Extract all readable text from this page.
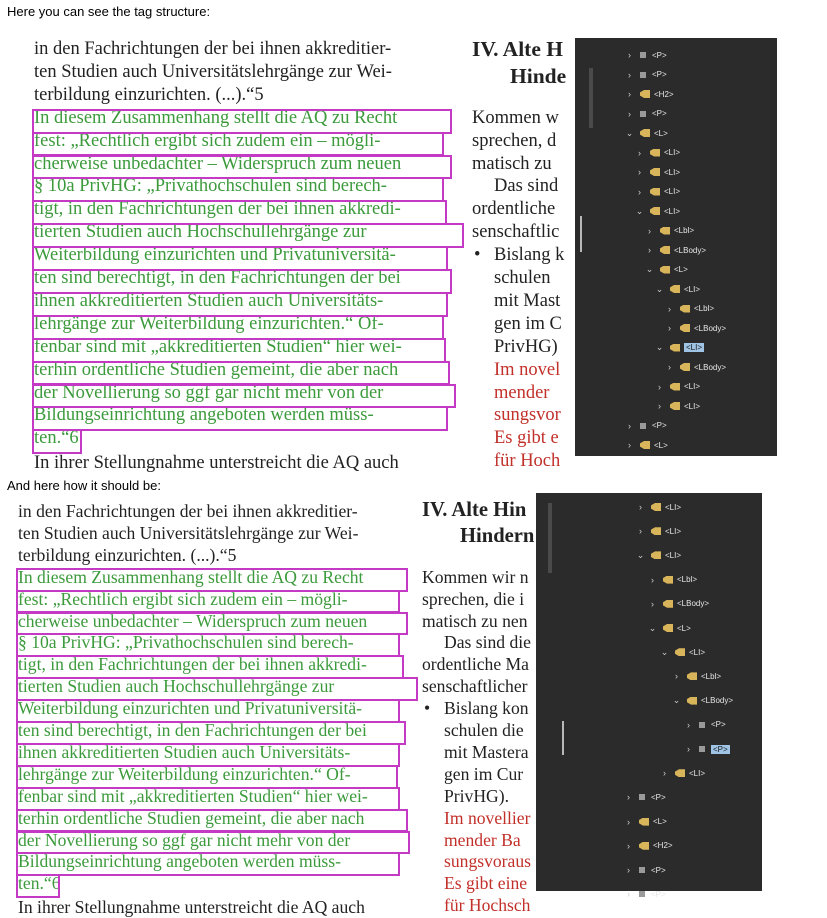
Here you can see the tag structure:
And here how it should be:
in den Fachrichtungen der bei ihnen akkreditier-
ten Studien auch Universitätslehrgänge zur Wei-
terbildung einzurichten. (...).“5
In diesem Zusammenhang stellt die AQ zu Recht
fest: „Rechtlich ergibt sich zudem ein – mögli-
cherweise unbedachter – Widerspruch zum neuen
§ 10a PrivHG: „Privathochschulen sind berech-
tigt, in den Fachrichtungen der bei ihnen akkredi-
tierten Studien auch Hochschullehrgänge zur
Weiterbildung einzurichten und Privatuniversitä-
ten sind berechtigt, in den Fachrichtungen der bei
ihnen akkreditierten Studien auch Universitäts-
lehrgänge zur Weiterbildung einzurichten.“ Of-
fenbar sind mit „akkreditierten Studien“ hier wei-
terhin ordentliche Studien gemeint, die aber nach
der Novellierung so ggf gar nicht mehr von der
Bildungseinrichtung angeboten werden müss-
ten.“6
In ihrer Stellungnahme unterstreicht die AQ auch
IV. Alte H
Hinde
Kommen w
sprechen, d
matisch zu
Das sind
ordentliche
senschaftlic
• Bislang k
schulen
mit Mast
gen im C
PrivHG)
Im novel
mender
sungsvor
Es gibt e
für Hoch
›	<P>
›	<P>
›	<H2>
›	<P>
⌄	<L>
›	<LI>
›	<LI>
›	<LI>
⌄	<LI>
›	<Lbl>
›	<LBody>
⌄	<L>
⌄	<LI>
›	<Lbl>
›	<LBody>
⌄	<LI>
›	<LBody>
›	<LI>
›	<LI>
›	<P>
›	<L>
in den Fachrichtungen der bei ihnen akkreditier-
ten Studien auch Universitätslehrgänge zur Wei-
terbildung einzurichten. (...).“5
In diesem Zusammenhang stellt die AQ zu Recht
fest: „Rechtlich ergibt sich zudem ein – mögli-
cherweise unbedachter – Widerspruch zum neuen
§ 10a PrivHG: „Privathochschulen sind berech-
tigt, in den Fachrichtungen der bei ihnen akkredi-
tierten Studien auch Hochschullehrgänge zur
Weiterbildung einzurichten und Privatuniversitä-
ten sind berechtigt, in den Fachrichtungen der bei
ihnen akkreditierten Studien auch Universitäts-
lehrgänge zur Weiterbildung einzurichten.“ Of-
fenbar sind mit „akkreditierten Studien“ hier wei-
terhin ordentliche Studien gemeint, die aber nach
der Novellierung so ggf gar nicht mehr von der
Bildungseinrichtung angeboten werden müss-
ten.“6
In ihrer Stellungnahme unterstreicht die AQ auch
IV. Alte Hin
Hindern
Kommen wir n
sprechen, die i
matisch zu nen
Das sind die
ordentliche Ma
senschaftlicher
• Bislang kon
schulen die
mit Mastera
gen im Cur
PrivHG).
Im novellier
mender Ba
sungsvoraus
Es gibt eine
für Hochsch
›	<LI>
›	<LI>
⌄	<LI>
›	<Lbl>
›	<LBody>
⌄	<L>
⌄	<LI>
›	<Lbl>
⌄	<LBody>
›	<P>
›	<P>
›	<LI>
›	<P>
›	<L>
›	<H2>
›	<P>
›	<P>
